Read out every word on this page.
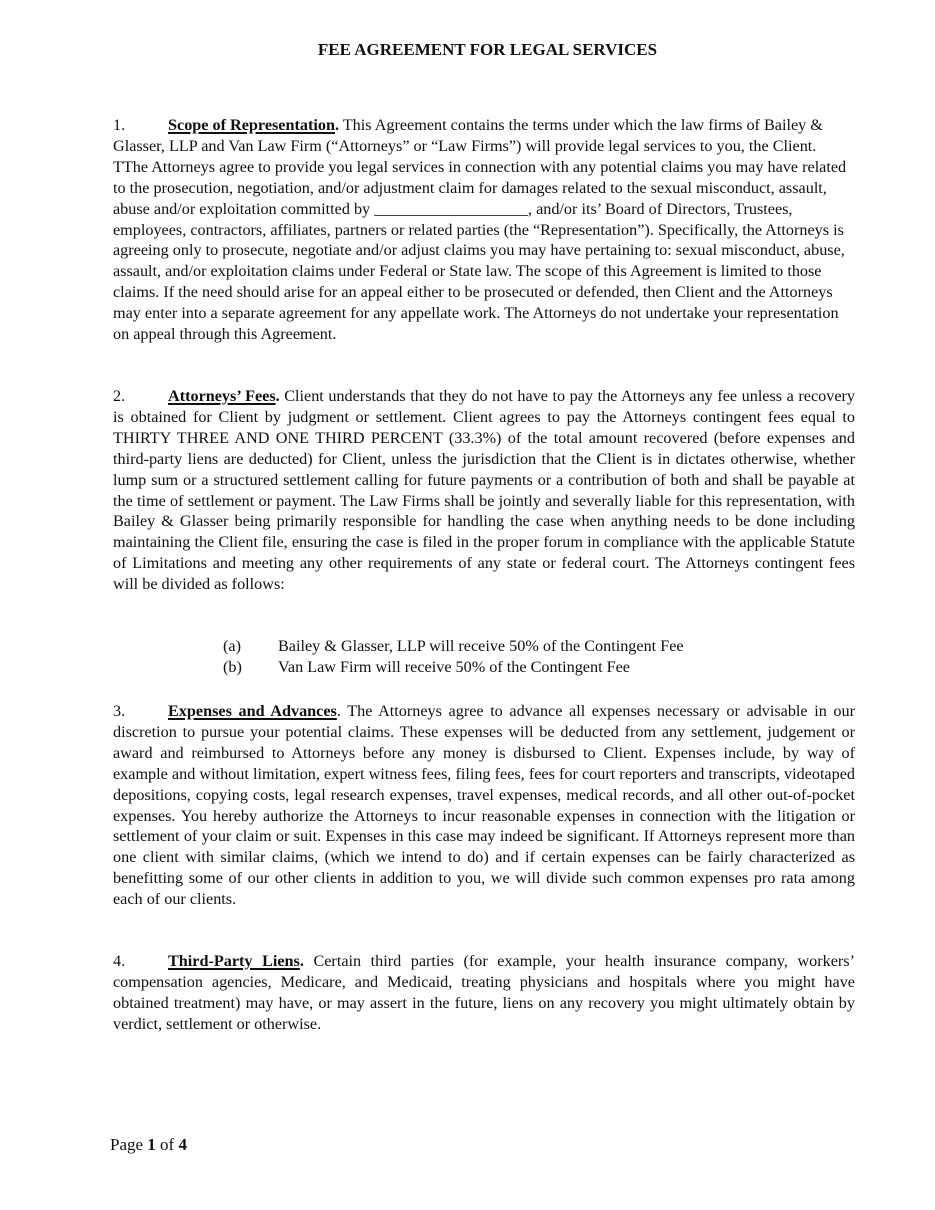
FEE AGREEMENT FOR LEGAL SERVICES

1.	Scope of Representation. This Agreement contains the terms under which the law firms of Bailey & Glasser, LLP and Van Law Firm (“Attorneys” or “Law Firms”) will provide legal services to you, the Client. TThe Attorneys agree to provide you legal services in connection with any potential claims you may have related to the prosecution, negotiation, and/or adjustment claim for damages related to the sexual misconduct, assault, abuse and/or exploitation committed by ___________________, and/or its’ Board of Directors, Trustees, employees, contractors, affiliates, partners or related parties (the “Representation”). Specifically, the Attorneys is agreeing only to prosecute, negotiate and/or adjust claims you may have pertaining to: sexual misconduct, abuse, assault, and/or exploitation claims under Federal or State law. The scope of this Agreement is limited to those claims. If the need should arise for an appeal either to be prosecuted or defended, then Client and the Attorneys may enter into a separate agreement for any appellate work. The Attorneys do not undertake your representation on appeal through this Agreement.

2.	Attorneys’ Fees. Client understands that they do not have to pay the Attorneys any fee unless a recovery is obtained for Client by judgment or settlement. Client agrees to pay the Attorneys contingent fees equal to THIRTY THREE AND ONE THIRD PERCENT (33.3%) of the total amount recovered (before expenses and third-party liens are deducted) for Client, unless the jurisdiction that the Client is in dictates otherwise, whether lump sum or a structured settlement calling for future payments or a contribution of both and shall be payable at the time of settlement or payment. The Law Firms shall be jointly and severally liable for this representation, with Bailey & Glasser being primarily responsible for handling the case when anything needs to be done including maintaining the Client file, ensuring the case is filed in the proper forum in compliance with the applicable Statute of Limitations and meeting any other requirements of any state or federal court. The Attorneys contingent fees will be divided as follows:

(a)	Bailey & Glasser, LLP will receive 50% of the Contingent Fee
(b)	Van Law Firm will receive 50% of the Contingent Fee

3.	Expenses and Advances. The Attorneys agree to advance all expenses necessary or advisable in our discretion to pursue your potential claims. These expenses will be deducted from any settlement, judgement or award and reimbursed to Attorneys before any money is disbursed to Client. Expenses include, by way of example and without limitation, expert witness fees, filing fees, fees for court reporters and transcripts, videotaped depositions, copying costs, legal research expenses, travel expenses, medical records, and all other out-of-pocket expenses. You hereby authorize the Attorneys to incur reasonable expenses in connection with the litigation or settlement of your claim or suit. Expenses in this case may indeed be significant. If Attorneys represent more than one client with similar claims, (which we intend to do) and if certain expenses can be fairly characterized as benefitting some of our other clients in addition to you, we will divide such common expenses pro rata among each of our clients.

4.	Third-Party Liens. Certain third parties (for example, your health insurance company, workers’ compensation agencies, Medicare, and Medicaid, treating physicians and hospitals where you might have obtained treatment) may have, or may assert in the future, liens on any recovery you might ultimately obtain by verdict, settlement or otherwise.

Page 1 of 4
